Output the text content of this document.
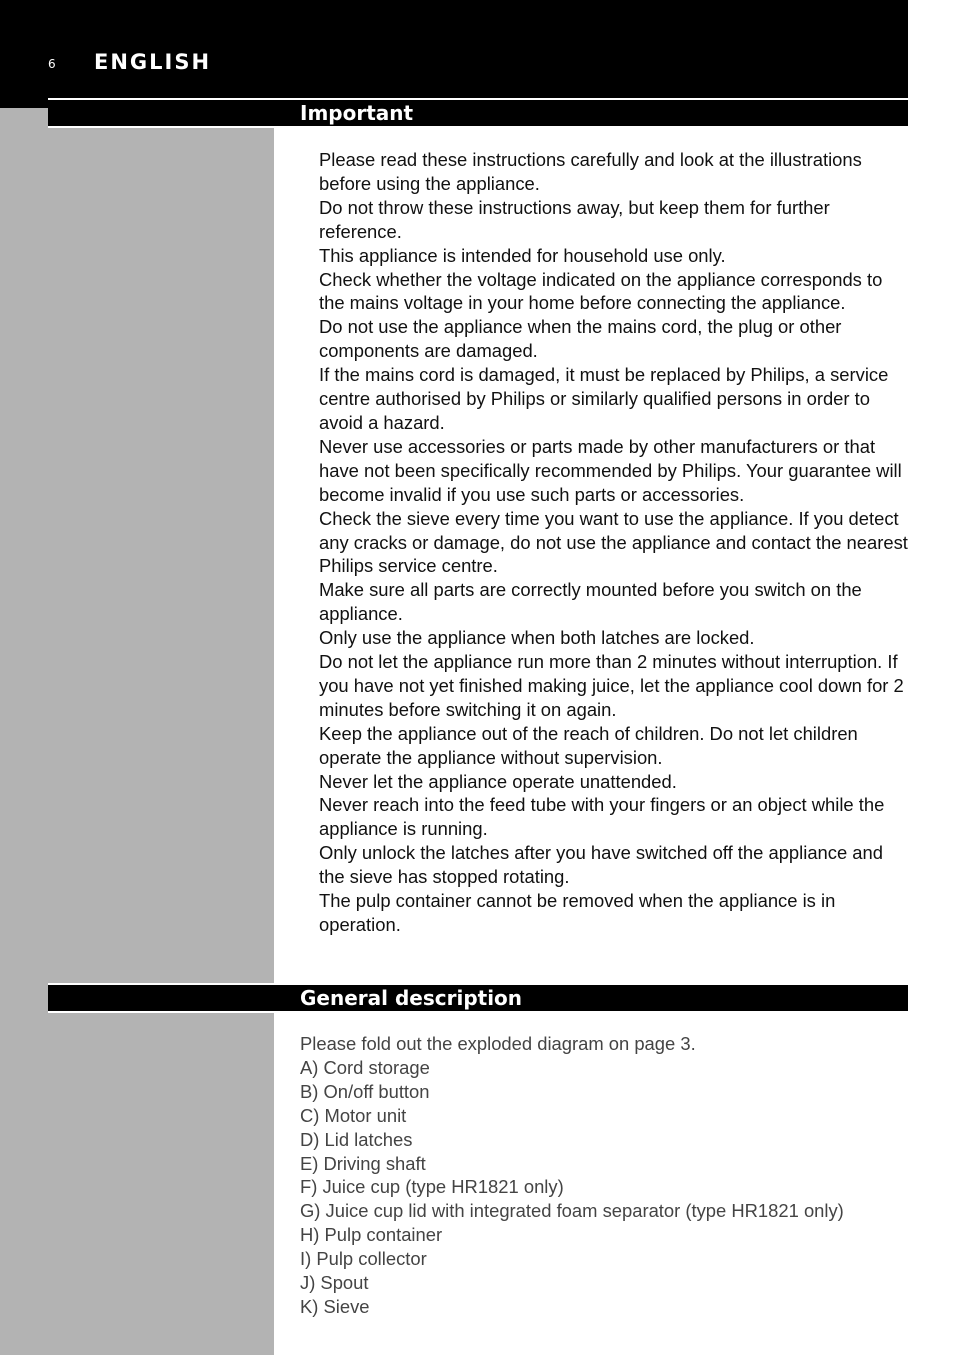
6 ENGLISH
Important

Please read these instructions carefully and look at the illustrations before using the appliance.

Do not throw these instructions away, but keep them for further reference.

This appliance is intended for household use only.

Check whether the voltage indicated on the appliance corresponds to the mains voltage in your home before connecting the appliance.

Do not use the appliance when the mains cord, the plug or other components are damaged.

If the mains cord is damaged, it must be replaced by Philips, a service centre authorised by Philips or similarly qualified persons in order to avoid a hazard.

Never use accessories or parts made by other manufacturers or that have not been specifically recommended by Philips. Your guarantee will become invalid if you use such parts or accessories.

Check the sieve every time you want to use the appliance. If you detect any cracks or damage, do not use the appliance and contact the nearest Philips service centre.

Make sure all parts are correctly mounted before you switch on the appliance.

Only use the appliance when both latches are locked.

Do not let the appliance run more than 2 minutes without interruption. If you have not yet finished making juice, let the appliance cool down for 2 minutes before switching it on again.

Keep the appliance out of the reach of children. Do not let children operate the appliance without supervision.

Never let the appliance operate unattended.

Never reach into the feed tube with your fingers or an object while the appliance is running.

Only unlock the latches after you have switched off the appliance and the sieve has stopped rotating.

The pulp container cannot be removed when the appliance is in operation.

General description

Please fold out the exploded diagram on page 3.

A) Cord storage

B) On/off button

C) Motor unit

D) Lid latches

E) Driving shaft

F) Juice cup (type HR1821 only)

G) Juice cup lid with integrated foam separator (type HR1821 only)

H) Pulp container

I) Pulp collector

J) Spout

K) Sieve
